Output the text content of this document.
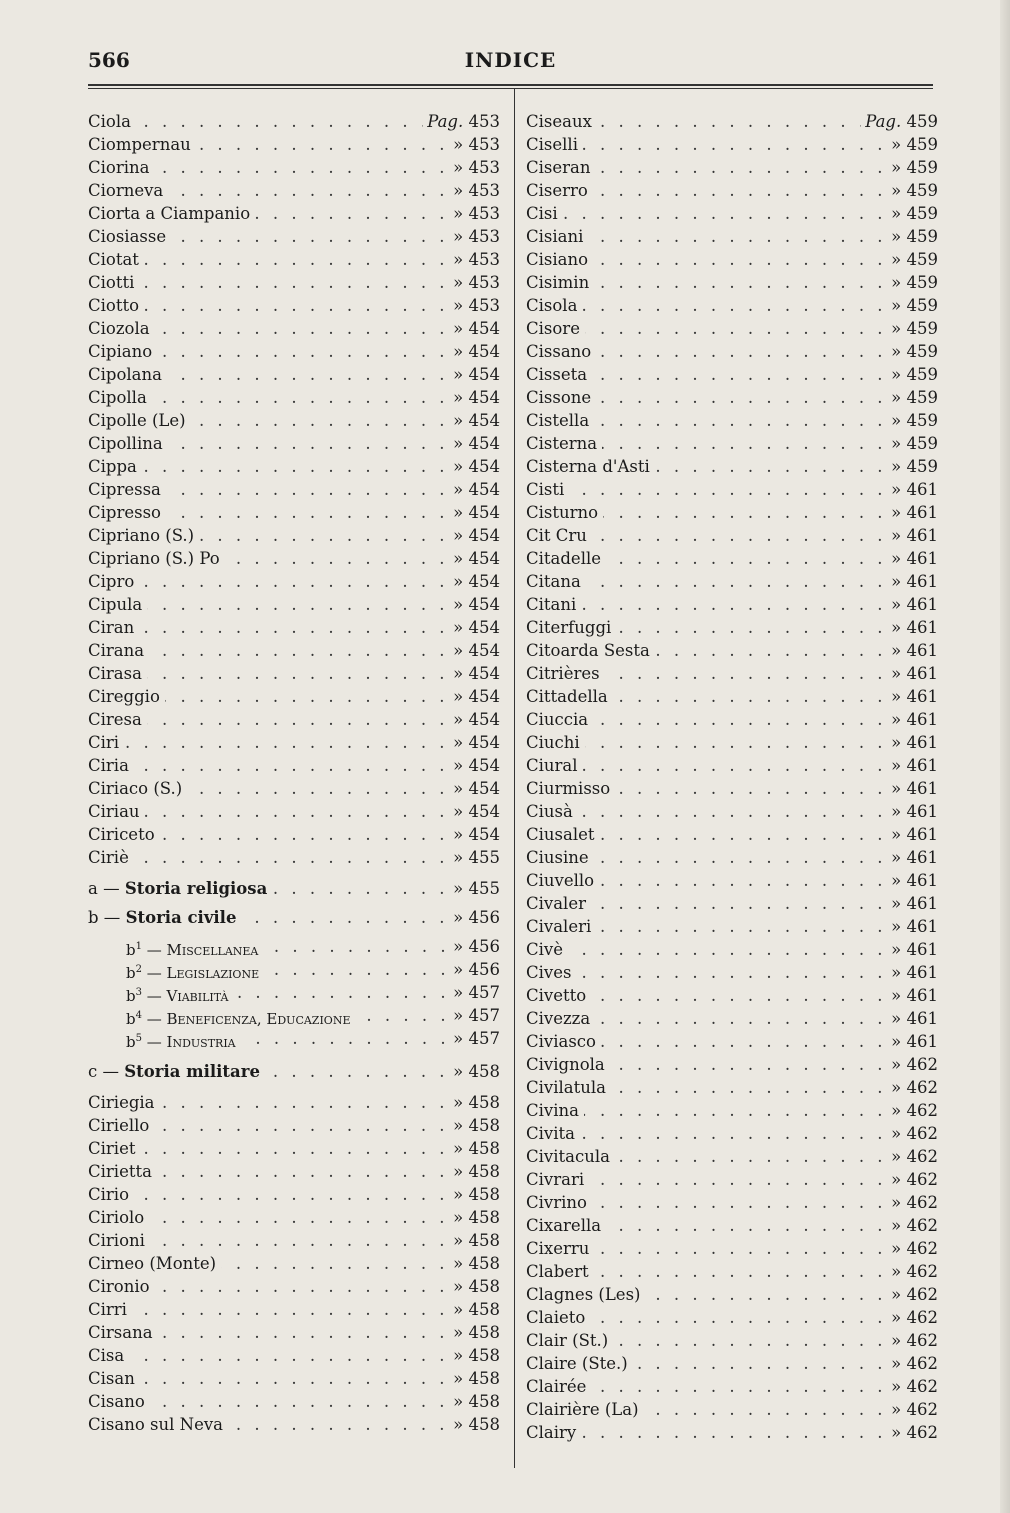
566	INDICE
Ciola . . .	Pag. 453
Ciompernau . . .	» 453
Ciorina . . .	» 453
Ciorneva . . .	» 453
Ciorta a Ciampanio . . .	» 453
Ciosiasse . . .	» 453
Ciotat . . .	» 453
Ciotti . . .	» 453
Ciotto . . .	» 453
Ciozola . . .	» 454
Cipiano . . .	» 454
Cipolana . . .	» 454
Cipolla . . .	» 454
Cipolle (Le) . . .	» 454
Cipollina . . .	» 454
Cippa . . .	» 454
Cipressa . . .	» 454
Cipresso . . .	» 454
Cipriano (S.) . . .	» 454
Cipriano (S.) Po . . .	» 454
Cipro . . .	» 454
Cipula . . .	» 454
Ciran . . .	» 454
Cirana . . .	» 454
Cirasa . . .	» 454
Cireggio . . .	» 454
Ciresa . . .	» 454
Ciri . . .	» 454
Ciria . . .	» 454
Ciriaco (S.) . . .	» 454
Ciriau . . .	» 454
Ciriceto . . .	» 454
Ciriè . . .	» 455
a — Storia religiosa . . .	» 455
b — Storia civile . . .	» 456
$b^1$ — Miscellanea . . .	» 456
$b^2$ — Legislazione . . .	» 456
$b^3$ — Viabilità . . .	» 457
$b^4$ — Beneficenza, Educazione . . .	» 457
$b^5$ — Industria . . .	» 457
c — Storia militare . . .	» 458
Ciriegia . . .	» 458
Ciriello . . .	» 458
Ciriet . . .	» 458
Cirietta . . .	» 458
Cirio . . .	» 458
Ciriolo . . .	» 458
Cirioni . . .	» 458
Cirneo (Monte) . . .	» 458
Cironio . . .	» 458
Cirri . . .	» 458
Cirsana . . .	» 458
Cisa . . .	» 458
Cisan . . .	» 458
Cisano . . .	» 458
Cisano sul Neva . . .	» 458
Ciseaux . . .	Pag. 459
Ciselli . . .	» 459
Ciseran . . .	» 459
Ciserro . . .	» 459
Cisi . . .	» 459
Cisiani . . .	» 459
Cisiano . . .	» 459
Cisimin . . .	» 459
Cisola . . .	» 459
Cisore . . .	» 459
Cissano . . .	» 459
Cisseta . . .	» 459
Cissone . . .	» 459
Cistella . . .	» 459
Cisterna . . .	» 459
Cisterna d'Asti . . .	» 459
Cisti . . .	» 461
Cisturno . . .	» 461
Cit Cru . . .	» 461
Citadelle . . .	» 461
Citana . . .	» 461
Citani . . .	» 461
Citerfuggi . . .	» 461
Citoarda Sesta . . .	» 461
Citrières . . .	» 461
Cittadella . . .	» 461
Ciuccia . . .	» 461
Ciuchi . . .	» 461
Ciural . . .	» 461
Ciurmisso . . .	» 461
Ciusà . . .	» 461
Ciusalet . . .	» 461
Ciusine . . .	» 461
Ciuvello . . .	» 461
Civaler . . .	» 461
Civaleri . . .	» 461
Civè . . .	» 461
Cives . . .	» 461
Civetto . . .	» 461
Civezza . . .	» 461
Civiasco . . .	» 461
Civignola . . .	» 462
Civilatula . . .	» 462
Civina . . .	» 462
Civita . . .	» 462
Civitacula . . .	» 462
Civrari . . .	» 462
Civrino . . .	» 462
Cixarella . . .	» 462
Cixerru . . .	» 462
Clabert . . .	» 462
Clagnes (Les) . . .	» 462
Claieto . . .	» 462
Clair (St.) . . .	» 462
Claire (Ste.) . . .	» 462
Clairée . . .	» 462
Clairière (La) . . .	» 462
Clairy . . .	» 462
